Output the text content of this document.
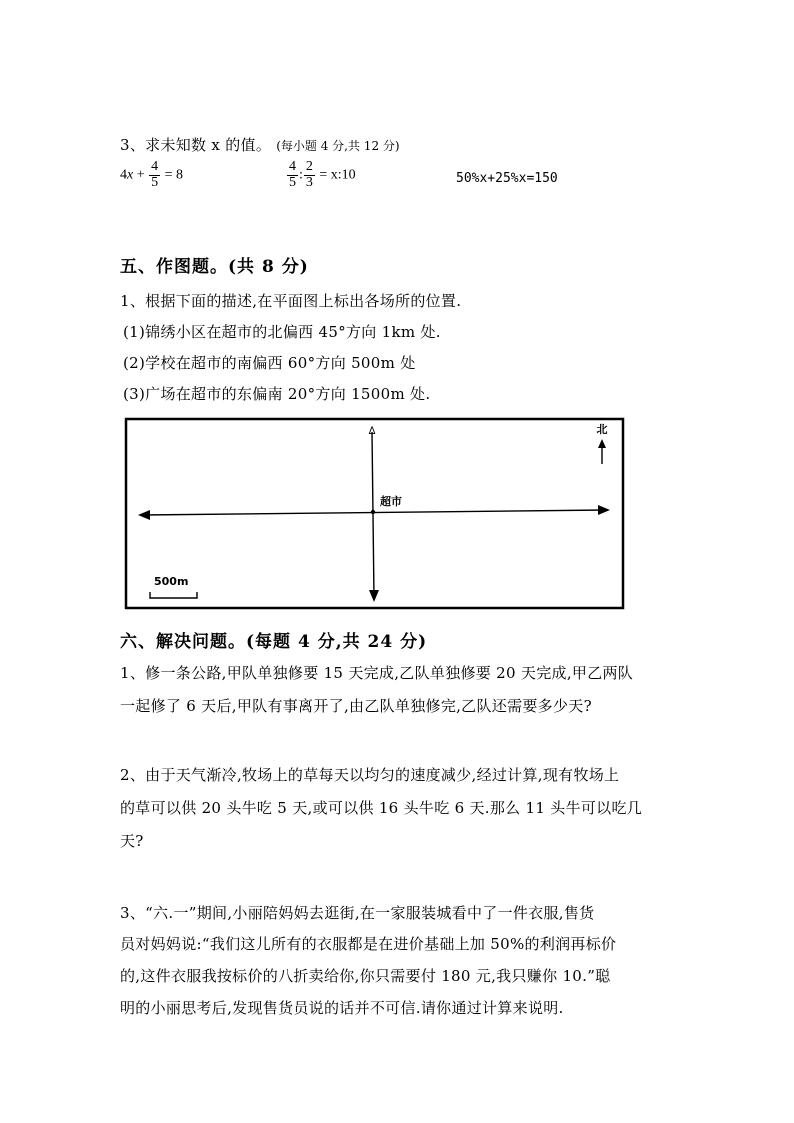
3、求未知数 x 的值。 (每小题 4 分,共 12 分)
$4x + \frac{4}{5} = 8$	$\frac{4}{5}$ : $\frac{2}{3}$ = x:10	50%x+25%x=150
五、作图题。(共 8 分)
1、根据下面的描述,在平面图上标出各场所的位置.
(1)锦绣小区在超市的北偏西 45°方向 1km 处.
(2)学校在超市的南偏西 60°方向 500m 处
(3)广场在超市的东偏南 20°方向 1500m 处.
ᐃ
超市
北
500m
六、解决问题。(每题 4 分,共 24 分)
1、修一条公路,甲队单独修要 15 天完成,乙队单独修要 20 天完成,甲乙两队
一起修了 6 天后,甲队有事离开了,由乙队单独修完,乙队还需要多少天?
2、由于天气渐冷,牧场上的草每天以均匀的速度减少,经过计算,现有牧场上
的草可以供 20 头牛吃 5 天,或可以供 16 头牛吃 6 天.那么 11 头牛可以吃几
天?
3、“六.一”期间,小丽陪妈妈去逛街,在一家服装城看中了一件衣服,售货
员对妈妈说:“我们这儿所有的衣服都是在进价基础上加 50%的利润再标价
的,这件衣服我按标价的八折卖给你,你只需要付 180 元,我只赚你 10.”聪
明的小丽思考后,发现售货员说的话并不可信.请你通过计算来说明.
